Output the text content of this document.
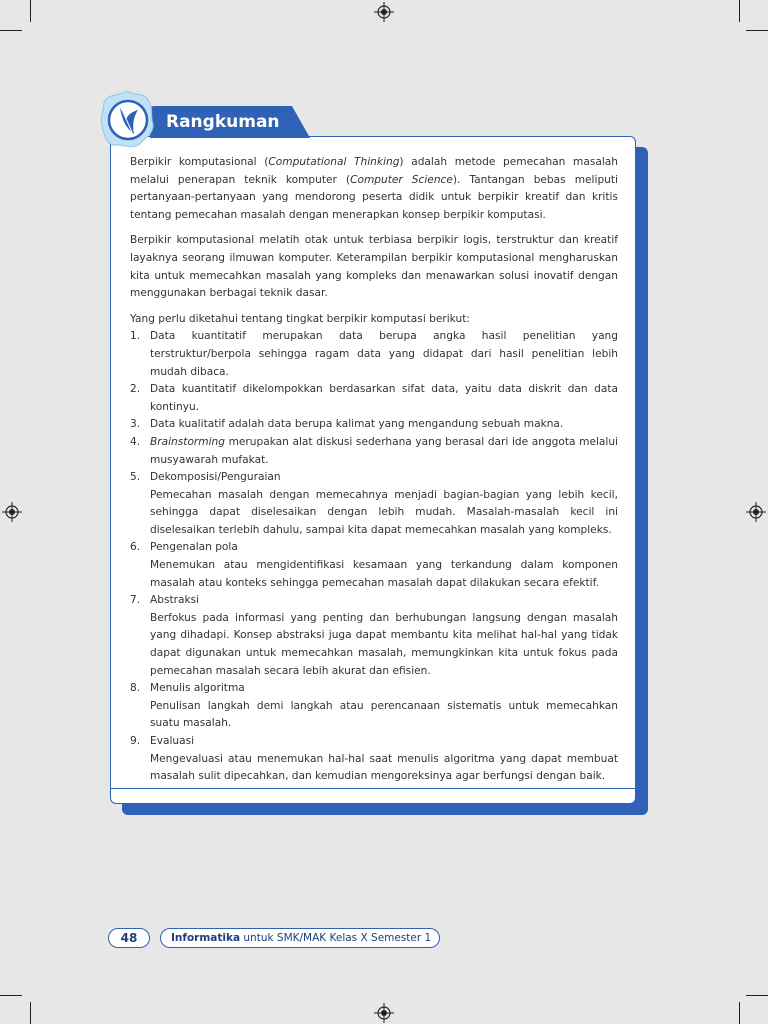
Rangkuman

Berpikir komputasional (Computational Thinking) adalah metode pemecahan masalah melalui penerapan teknik komputer (Computer Science). Tantangan bebas meliputi pertanyaan-pertanyaan yang mendorong peserta didik untuk berpikir kreatif dan kritis tentang pemecahan masalah dengan menerapkan konsep berpikir komputasi.

Berpikir komputasional melatih otak untuk terbiasa berpikir logis, terstruktur dan kreatif layaknya seorang ilmuwan komputer. Keterampilan berpikir komputasional mengharuskan kita untuk memecahkan masalah yang kompleks dan menawarkan solusi inovatif dengan menggunakan berbagai teknik dasar.

Yang perlu diketahui tentang tingkat berpikir komputasi berikut:

1. Data kuantitatif merupakan data berupa angka hasil penelitian yang terstruktur/berpola sehingga ragam data yang didapat dari hasil penelitian lebih mudah dibaca.
2. Data kuantitatif dikelompokkan berdasarkan sifat data, yaitu data diskrit dan data kontinyu.
3. Data kualitatif adalah data berupa kalimat yang mengandung sebuah makna.
4. Brainstorming merupakan alat diskusi sederhana yang berasal dari ide anggota melalui musyawarah mufakat.
5. Dekomposisi/Penguraian
Pemecahan masalah dengan memecahnya menjadi bagian-bagian yang lebih kecil, sehingga dapat diselesaikan dengan lebih mudah. Masalah-masalah kecil ini diselesaikan terlebih dahulu, sampai kita dapat memecahkan masalah yang kompleks.
6. Pengenalan pola
Menemukan atau mengidentifikasi kesamaan yang terkandung dalam komponen masalah atau konteks sehingga pemecahan masalah dapat dilakukan secara efektif.
7. Abstraksi
Berfokus pada informasi yang penting dan berhubungan langsung dengan masalah yang dihadapi. Konsep abstraksi juga dapat membantu kita melihat hal-hal yang tidak dapat digunakan untuk memecahkan masalah, memungkinkan kita untuk fokus pada pemecahan masalah secara lebih akurat dan efisien.
8. Menulis algoritma
Penulisan langkah demi langkah atau perencanaan sistematis untuk memecahkan suatu masalah.
9. Evaluasi
Mengevaluasi atau menemukan hal-hal saat menulis algoritma yang dapat membuat masalah sulit dipecahkan, dan kemudian mengoreksinya agar berfungsi dengan baik.
48	Informatika untuk SMK/MAK Kelas X Semester 1
